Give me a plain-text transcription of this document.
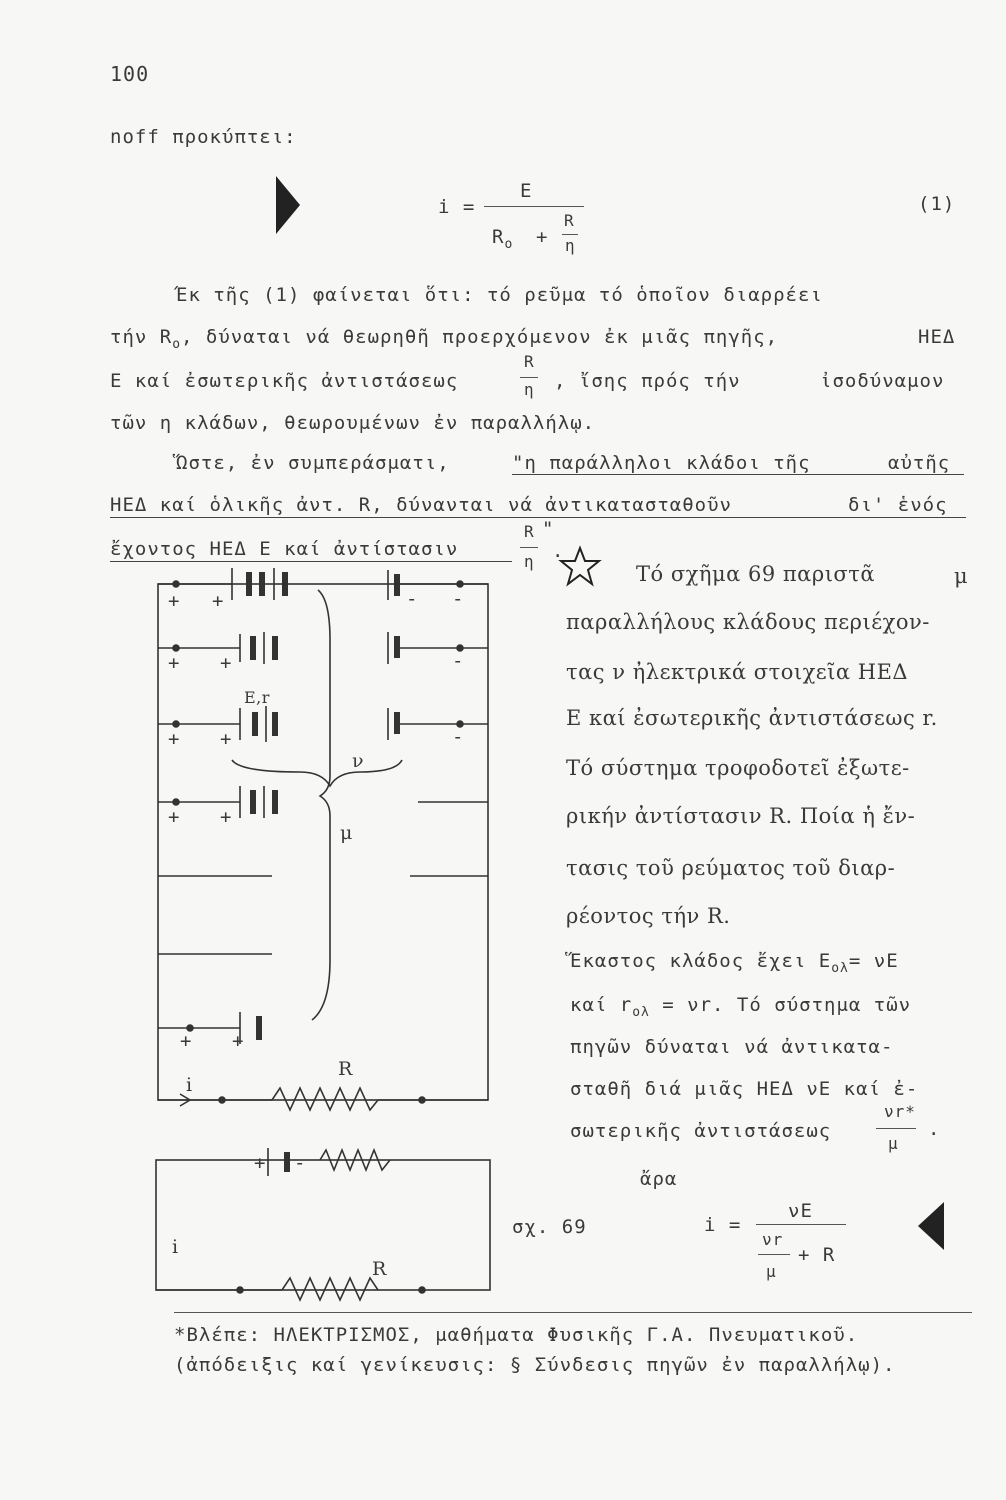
100
noff προκύπτει:
i =
E
$R_o$ +
R
η
(1)
Έκ τῆς (1) φαίνεται ὅτι: τό ρεῦμα τό ὁποῖον διαρρέει
τήν $R_o$, δύναται νά θεωρηθῆ προερχόμενον ἐκ μιᾶς πηγῆς,	ΗΕΔ
Ε καί ἐσωτερικῆς ἀντιστάσεως
R
η , ἴσης πρός τήν	ἰσοδύναμον
τῶν η κλάδων, θεωρουμένων ἐν παραλλήλῳ.
Ὥστε, ἐν συμπεράσματι,	"η παράλληλοι κλάδοι τῆς	αὐτῆς
ΗΕΔ καί ὁλικῆς ἀντ. R, δύνανται νά ἀντικατασταθοῦν	δι' ἑνός
ἔχοντος ΗΕΔ Ε καί ἀντίστασιν
R
η
"
.
Τό σχῆμα 69 παριστᾶ	μ
παραλλήλους κλάδους περιέχον-
τας ν ἠλεκτρικά στοιχεῖα ΗΕΔ
Ε καί ἐσωτερικῆς ἀντιστάσεως r.
Τό σύστημα τροφοδοτεῖ ἐξωτε-
ρικήν ἀντίστασιν R. Ποία ἡ ἔν-
τασις τοῦ ρεύματος τοῦ διαρ-
ρέοντος τήν R.
Ἕκαστος κλάδος ἔχει $E_{o\lambda}= \nu E$
καί $r_{o\lambda} = \nu r$. Τό σύστημα τῶν
πηγῶν δύναται νά ἀντικατα-
σταθῆ διά μιᾶς ΗΕΔ νΕ καί ἐ-
σωτερικῆς ἀντιστάσεως
νr*
μ
.
ἄρα
i =
νE
νr
μ
+ R
+ +
+ +
+ +
+ +
+ +
+
- -
-
-
-
E,r
ν
μ
R
i
i
R
σχ. 69
*Βλέπε: ΗΛΕΚΤΡΙΣΜΟΣ, μαθήματα Φυσικῆς Γ.Α. Πνευματικοῦ.
(ἀπόδειξις καί γενίκευσις: § Σύνδεσις πηγῶν ἐν παραλλήλῳ).
